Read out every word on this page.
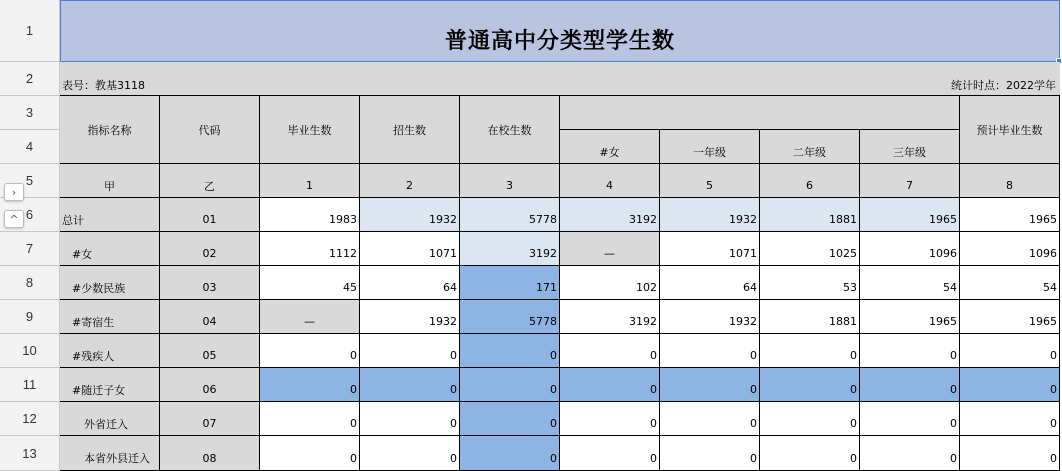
1
2
3
4
5
6
7
8
9
10
11
12
13
›
^
普通高中分类型学生数
表号：教基3118	统计时点：2022学年
指标名称	代码	毕业生数	招生数	在校生数
#女	一年级	二年级	三年级
预计毕业生数
甲	乙	1	2	3	4	5	6	7	8
总计	01	1983	1932	5778	3192	1932	1881	1965	1965
#女	02	1112	1071	3192	—	1071	1025	1096	1096
#少数民族	03	45	64	171	102	64	53	54	54
#寄宿生	04	—	1932	5778	3192	1932	1881	1965	1965
#残疾人	05	0	0	0	0	0	0	0	0
#随迁子女	06	0	0	0	0	0	0	0	0
外省迁入	07	0	0	0	0	0	0	0	0
本省外县迁入	08	0	0	0	0	0	0	0	0
